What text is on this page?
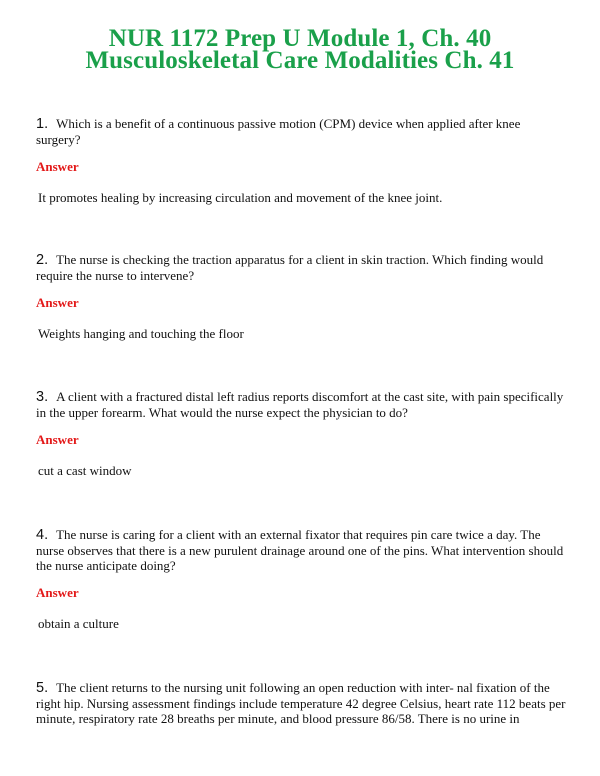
NUR 1172 Prep U Module 1, Ch. 40
Musculoskeletal Care Modalities Ch. 41

1. Which is a benefit of a continuous passive motion (CPM) device when applied after knee surgery?

Answer
It promotes healing by increasing circulation and movement of the knee joint.

2. The nurse is checking the traction apparatus for a client in skin traction. Which finding would require the nurse to intervene?

Answer
Weights hanging and touching the floor

3. A client with a fractured distal left radius reports discomfort at the cast site, with pain specifically in the upper forearm. What would the nurse expect the physician to do?

Answer
cut a cast window

4. The nurse is caring for a client with an external fixator that requires pin care twice a day. The nurse observes that there is a new purulent drainage around one of the pins. What intervention should the nurse anticipate doing?

Answer
obtain a culture

5. The client returns to the nursing unit following an open reduction with inter- nal fixation of the right hip. Nursing assessment findings include temperature 42 degree Celsius, heart rate 112 beats per minute, respiratory rate 28 breaths per minute, and blood pressure 86/58. There is no urine in
